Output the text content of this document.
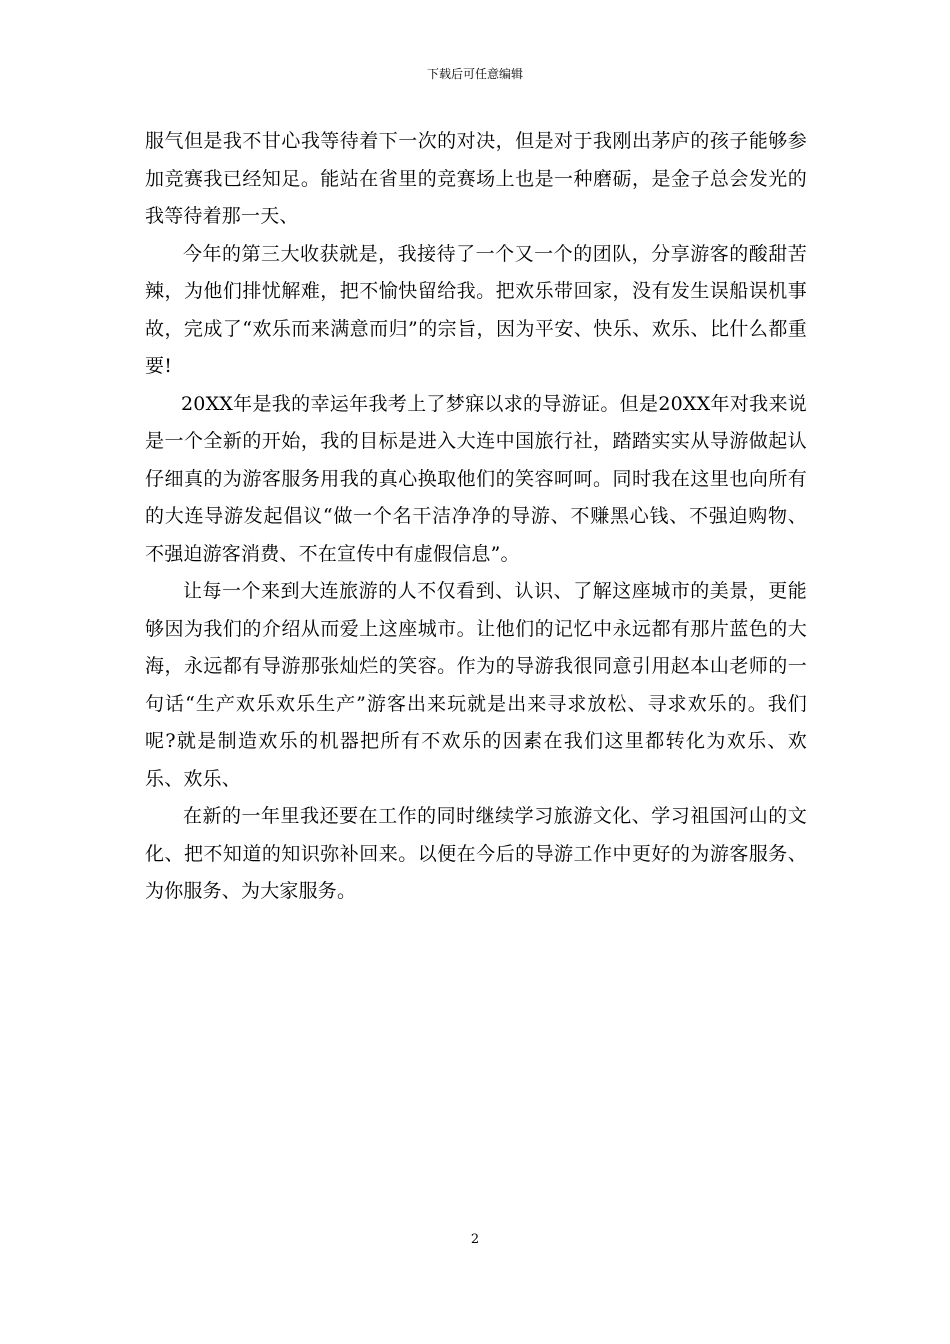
下载后可任意编辑

服气但是我不甘心我等待着下一次的对决，但是对于我刚出茅庐的孩子能够参加竞赛我已经知足。能站在省里的竞赛场上也是一种磨砺，是金子总会发光的我等待着那一天、

今年的第三大收获就是，我接待了一个又一个的团队，分享游客的酸甜苦辣，为他们排忧解难，把不愉快留给我。把欢乐带回家，没有发生误船误机事故，完成了“欢乐而来满意而归”的宗旨，因为平安、快乐、欢乐、比什么都重要!

20XX年是我的幸运年我考上了梦寐以求的导游证。但是20XX年对我来说是一个全新的开始，我的目标是进入大连中国旅行社，踏踏实实从导游做起认仔细真的为游客服务用我的真心换取他们的笑容呵呵。同时我在这里也向所有的大连导游发起倡议“做一个名干洁净净的导游、不赚黑心钱、不强迫购物、不强迫游客消费、不在宣传中有虚假信息”。

让每一个来到大连旅游的人不仅看到、认识、了解这座城市的美景，更能够因为我们的介绍从而爱上这座城市。让他们的记忆中永远都有那片蓝色的大海，永远都有导游那张灿烂的笑容。作为的导游我很同意引用赵本山老师的一句话“生产欢乐欢乐生产”游客出来玩就是出来寻求放松、寻求欢乐的。我们呢?就是制造欢乐的机器把所有不欢乐的因素在我们这里都转化为欢乐、欢乐、欢乐、

在新的一年里我还要在工作的同时继续学习旅游文化、学习祖国河山的文化、把不知道的知识弥补回来。以便在今后的导游工作中更好的为游客服务、为你服务、为大家服务。

2
